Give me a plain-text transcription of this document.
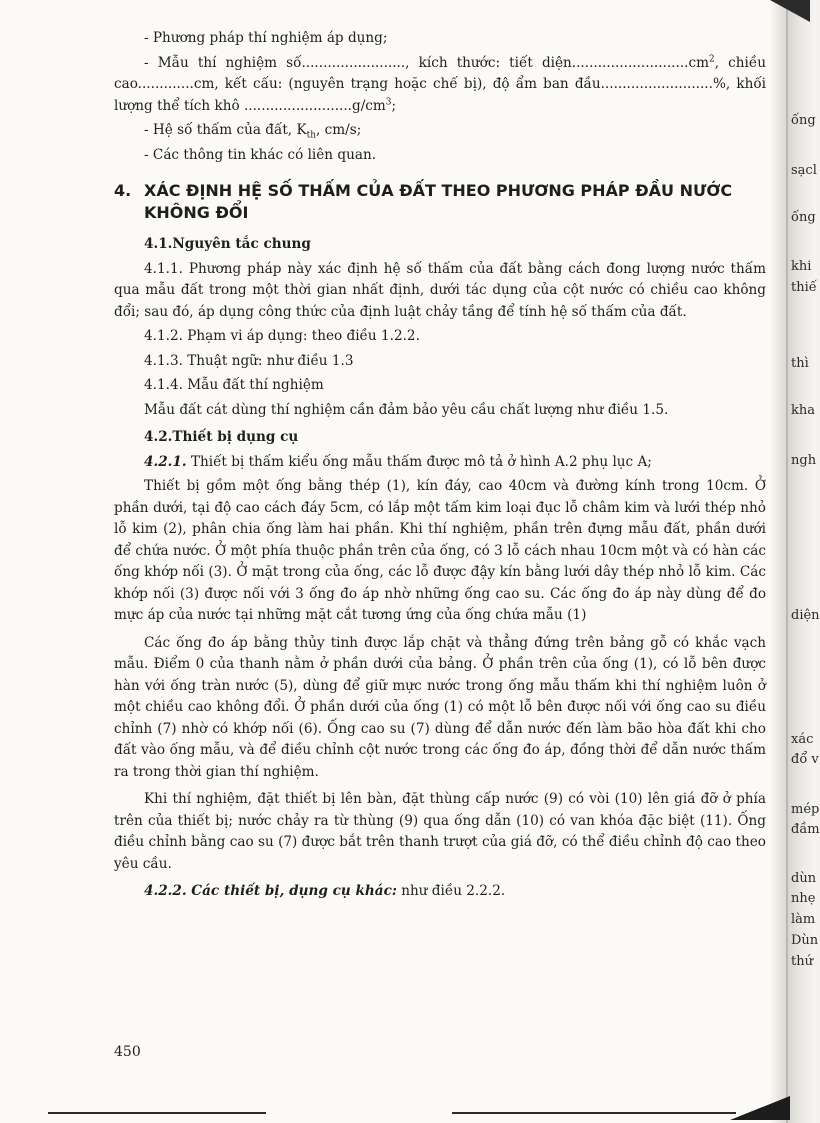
- Phương pháp thí nghiệm áp dụng;

- Mẫu thí nghiệm số........................, kích thước: tiết $diện...........................cm^2$, chiều cao.............cm, kết cấu: (nguyên trạng hoặc chế bị), độ ẩm ban đầu..........................%, khối lượng thể tích khô $.........................g/cm^3$;

- Hệ số thấm của đất, $K_{th}$, cm/s;

- Các thông tin khác có liên quan.

4. XÁC ĐỊNH HỆ SỐ THẤM CỦA ĐẤT THEO PHƯƠNG PHÁP ĐẦU NƯỚC KHÔNG ĐỔI

4.1.Nguyên tắc chung

4.1.1. Phương pháp này xác định hệ số thấm của đất bằng cách đong lượng nước thấm qua mẫu đất trong một thời gian nhất định, dưới tác dụng của cột nước có chiều cao không đổi; sau đó, áp dụng công thức của định luật chảy tầng để tính hệ số thấm của đất.

4.1.2. Phạm vi áp dụng: theo điều 1.2.2.

4.1.3. Thuật ngữ: như điều 1.3

4.1.4. Mẫu đất thí nghiệm

Mẫu đất cát dùng thí nghiệm cần đảm bảo yêu cầu chất lượng như điều 1.5.

4.2.Thiết bị dụng cụ

4.2.1. Thiết bị thấm kiểu ống mẫu thấm được mô tả ở hình A.2 phụ lục A;

Thiết bị gồm một ống bằng thép (1), kín đáy, cao 40cm và đường kính trong 10cm. Ở phần dưới, tại độ cao cách đáy 5cm, có lắp một tấm kim loại đục lỗ châm kim và lưới thép nhỏ lỗ kim (2), phân chia ống làm hai phần. Khi thí nghiệm, phần trên đựng mẫu đất, phần dưới để chứa nước. Ở một phía thuộc phần trên của ống, có 3 lỗ cách nhau 10cm một và có hàn các ống khớp nối (3). Ở mặt trong của ống, các lỗ được đậy kín bằng lưới dây thép nhỏ lỗ kim. Các khớp nối (3) được nối với 3 ống đo áp nhờ những ống cao su. Các ống đo áp này dùng để đo mực áp của nước tại những mặt cắt tương ứng của ống chứa mẫu (1)

Các ống đo áp bằng thủy tinh được lắp chặt và thẳng đứng trên bảng gỗ có khắc vạch mẫu. Điểm 0 của thanh nằm ở phần dưới của bảng. Ở phần trên của ống (1), có lỗ bên được hàn với ống tràn nước (5), dùng để giữ mực nước trong ống mẫu thấm khi thí nghiệm luôn ở một chiều cao không đổi. Ở phần dưới của ống (1) có một lỗ bên được nối với ống cao su điều chỉnh (7) nhờ có khớp nối (6). Ống cao su (7) dùng để dẫn nước đến làm bão hòa đất khi cho đất vào ống mẫu, và để điều chỉnh cột nước trong các ống đo áp, đồng thời để dẫn nước thấm ra trong thời gian thí nghiệm.

Khi thí nghiệm, đặt thiết bị lên bàn, đặt thùng cấp nước (9) có vòi (10) lên giá đỡ ở phía trên của thiết bị; nước chảy ra từ thùng (9) qua ống dẫn (10) có van khóa đặc biệt (11). Ống điều chỉnh bằng cao su (7) được bắt trên thanh trượt của giá đỡ, có thể điều chỉnh độ cao theo yêu cầu.

4.2.2. Các thiết bị, dụng cụ khác: như điều 2.2.2.

450
ống
sạcl
ống
khi
thiế
thì
kha
ngh
diện
xác
đổ v
mép
đầm
dùn
nhẹ
làm
Dùn
thứ
